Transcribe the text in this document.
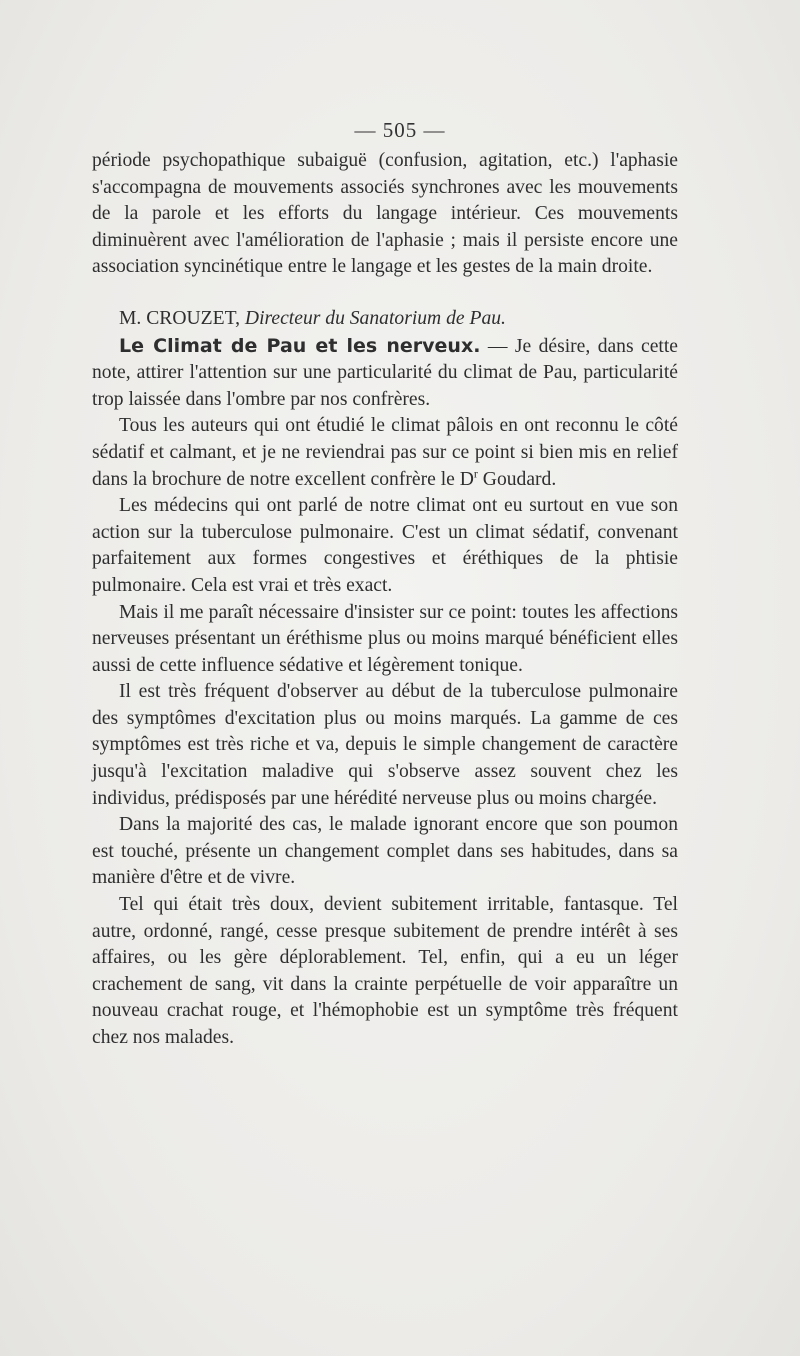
— 505 —

période psychopathique subaiguë (confusion, agitation, etc.) l'aphasie s'accompagna de mouvements associés synchrones avec les mouvements de la parole et les efforts du langage intérieur. Ces mouvements diminuèrent avec l'amélioration de l'aphasie ; mais il persiste encore une association syncinétique entre le langage et les gestes de la main droite.

M. CROUZET, Directeur du Sanatorium de Pau.

Le Climat de Pau et les nerveux. — Je désire, dans cette note, attirer l'attention sur une particularité du climat de Pau, particularité trop laissée dans l'ombre par nos confrères.

Tous les auteurs qui ont étudié le climat pâlois en ont reconnu le côté sédatif et calmant, et je ne reviendrai pas sur ce point si bien mis en relief dans la brochure de notre excellent confrère le $D^r$ Goudard.

Les médecins qui ont parlé de notre climat ont eu surtout en vue son action sur la tuberculose pulmonaire. C'est un climat sédatif, convenant parfaitement aux formes congestives et éréthiques de la phtisie pulmonaire. Cela est vrai et très exact.

Mais il me paraît nécessaire d'insister sur ce point: toutes les affections nerveuses présentant un éréthisme plus ou moins marqué bénéficient elles aussi de cette influence sédative et légèrement tonique.

Il est très fréquent d'observer au début de la tuberculose pulmonaire des symptômes d'excitation plus ou moins marqués. La gamme de ces symptômes est très riche et va, depuis le simple changement de caractère jusqu'à l'excitation maladive qui s'observe assez souvent chez les individus, prédisposés par une hérédité nerveuse plus ou moins chargée.

Dans la majorité des cas, le malade ignorant encore que son poumon est touché, présente un changement complet dans ses habitudes, dans sa manière d'être et de vivre.

Tel qui était très doux, devient subitement irritable, fantasque. Tel autre, ordonné, rangé, cesse presque subitement de prendre intérêt à ses affaires, ou les gère déplorablement. Tel, enfin, qui a eu un léger crachement de sang, vit dans la crainte perpétuelle de voir apparaître un nouveau crachat rouge, et l'hémophobie est un symptôme très fréquent chez nos malades.
